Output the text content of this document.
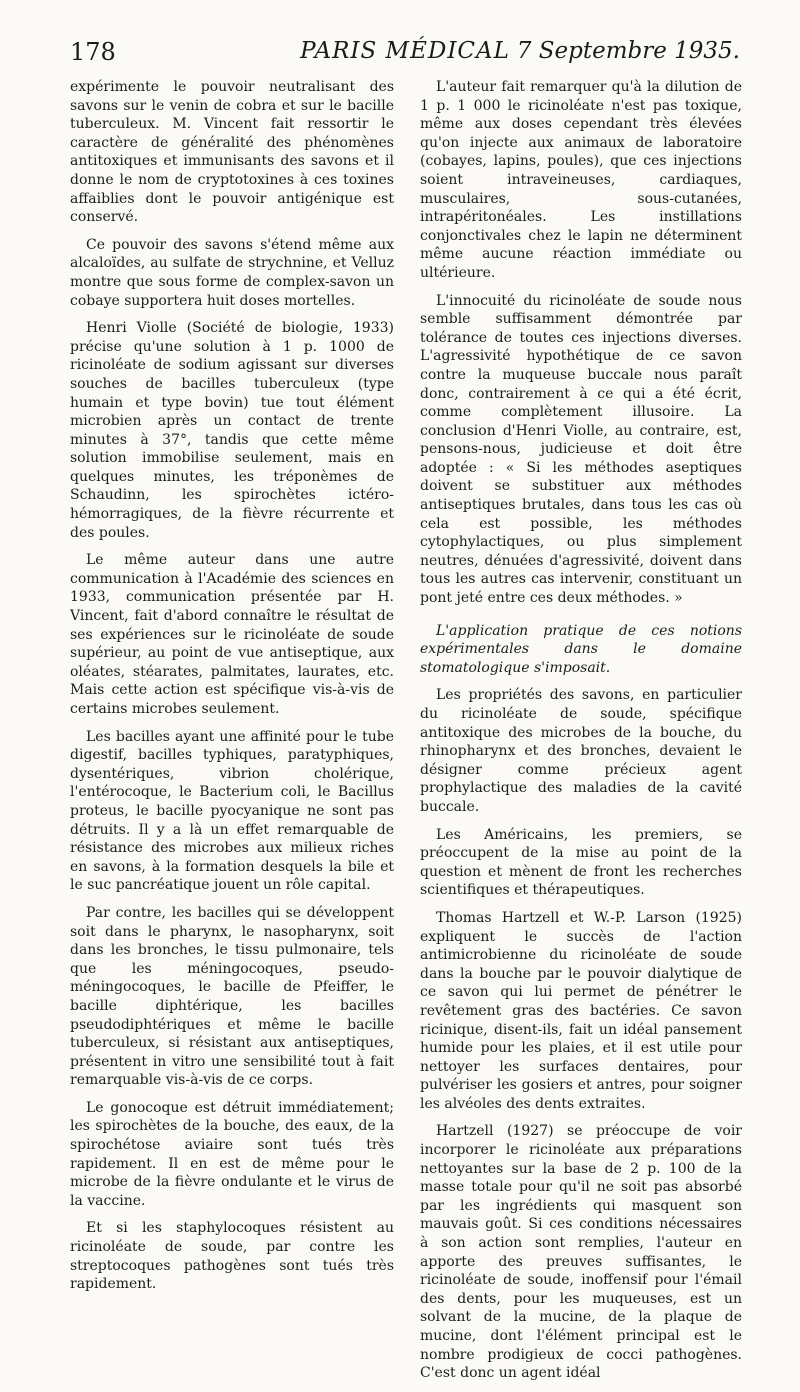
178	PARIS MÉDICAL 7 Septembre 1935.

expérimente le pouvoir neutralisant des savons sur le venin de cobra et sur le bacille tuberculeux. M. Vincent fait ressortir le caractère de généralité des phénomènes antitoxiques et immunisants des savons et il donne le nom de cryptotoxines à ces toxines affaiblies dont le pouvoir antigénique est conservé.

Ce pouvoir des savons s'étend même aux alcaloïdes, au sulfate de strychnine, et Velluz montre que sous forme de complex-savon un cobaye supportera huit doses mortelles.

Henri Violle (Société de biologie, 1933) précise qu'une solution à 1 p. 1000 de ricinoléate de sodium agissant sur diverses souches de bacilles tuberculeux (type humain et type bovin) tue tout élément microbien après un contact de trente minutes à 37°, tandis que cette même solution immobilise seulement, mais en quelques minutes, les tréponèmes de Schaudinn, les spirochètes ictéro-hémorragiques, de la fièvre récurrente et des poules.

Le même auteur dans une autre communication à l'Académie des sciences en 1933, communication présentée par H. Vincent, fait d'abord connaître le résultat de ses expériences sur le ricinoléate de soude supérieur, au point de vue antiseptique, aux oléates, stéarates, palmitates, laurates, etc. Mais cette action est spécifique vis-à-vis de certains microbes seulement.

Les bacilles ayant une affinité pour le tube digestif, bacilles typhiques, paratyphiques, dysentériques, vibrion cholérique, l'entérocoque, le Bacterium coli, le Bacillus proteus, le bacille pyocyanique ne sont pas détruits. Il y a là un effet remarquable de résistance des microbes aux milieux riches en savons, à la formation desquels la bile et le suc pancréatique jouent un rôle capital.

Par contre, les bacilles qui se développent soit dans le pharynx, le nasopharynx, soit dans les bronches, le tissu pulmonaire, tels que les méningocoques, pseudo-méningocoques, le bacille de Pfeiffer, le bacille diphtérique, les bacilles pseudodiphtériques et même le bacille tuberculeux, si résistant aux antiseptiques, présentent in vitro une sensibilité tout à fait remarquable vis-à-vis de ce corps.

Le gonocoque est détruit immédiatement; les spirochètes de la bouche, des eaux, de la spirochétose aviaire sont tués très rapidement. Il en est de même pour le microbe de la fièvre ondulante et le virus de la vaccine.

Et si les staphylocoques résistent au ricinoléate de soude, par contre les streptocoques pathogènes sont tués très rapidement.

L'auteur fait remarquer qu'à la dilution de 1 p. 1 000 le ricinoléate n'est pas toxique, même aux doses cependant très élevées qu'on injecte aux animaux de laboratoire (cobayes, lapins, poules), que ces injections soient intraveineuses, cardiaques, musculaires, sous-cutanées, intrapéritonéales. Les instillations conjonctivales chez le lapin ne déterminent même aucune réaction immédiate ou ultérieure.

L'innocuité du ricinoléate de soude nous semble suffisamment démontrée par tolérance de toutes ces injections diverses. L'agressivité hypothétique de ce savon contre la muqueuse buccale nous paraît donc, contrairement à ce qui a été écrit, comme complètement illusoire. La conclusion d'Henri Violle, au contraire, est, pensons-nous, judicieuse et doit être adoptée : « Si les méthodes aseptiques doivent se substituer aux méthodes antiseptiques brutales, dans tous les cas où cela est possible, les méthodes cytophylactiques, ou plus simplement neutres, dénuées d'agressivité, doivent dans tous les autres cas intervenir, constituant un pont jeté entre ces deux méthodes. »

L'application pratique de ces notions expérimentales dans le domaine stomatologique s'imposait.

Les propriétés des savons, en particulier du ricinoléate de soude, spécifique antitoxique des microbes de la bouche, du rhinopharynx et des bronches, devaient le désigner comme précieux agent prophylactique des maladies de la cavité buccale.

Les Américains, les premiers, se préoccupent de la mise au point de la question et mènent de front les recherches scientifiques et thérapeutiques.

Thomas Hartzell et W.-P. Larson (1925) expliquent le succès de l'action antimicrobienne du ricinoléate de soude dans la bouche par le pouvoir dialytique de ce savon qui lui permet de pénétrer le revêtement gras des bactéries. Ce savon ricinique, disent-ils, fait un idéal pansement humide pour les plaies, et il est utile pour nettoyer les surfaces dentaires, pour pulvériser les gosiers et antres, pour soigner les alvéoles des dents extraites.

Hartzell (1927) se préoccupe de voir incorporer le ricinoléate aux préparations nettoyantes sur la base de 2 p. 100 de la masse totale pour qu'il ne soit pas absorbé par les ingrédients qui masquent son mauvais goût. Si ces conditions nécessaires à son action sont remplies, l'auteur en apporte des preuves suffisantes, le ricinoléate de soude, inoffensif pour l'émail des dents, pour les muqueuses, est un solvant de la mucine, de la plaque de mucine, dont l'élément principal est le nombre prodigieux de cocci pathogènes. C'est donc un agent idéal
